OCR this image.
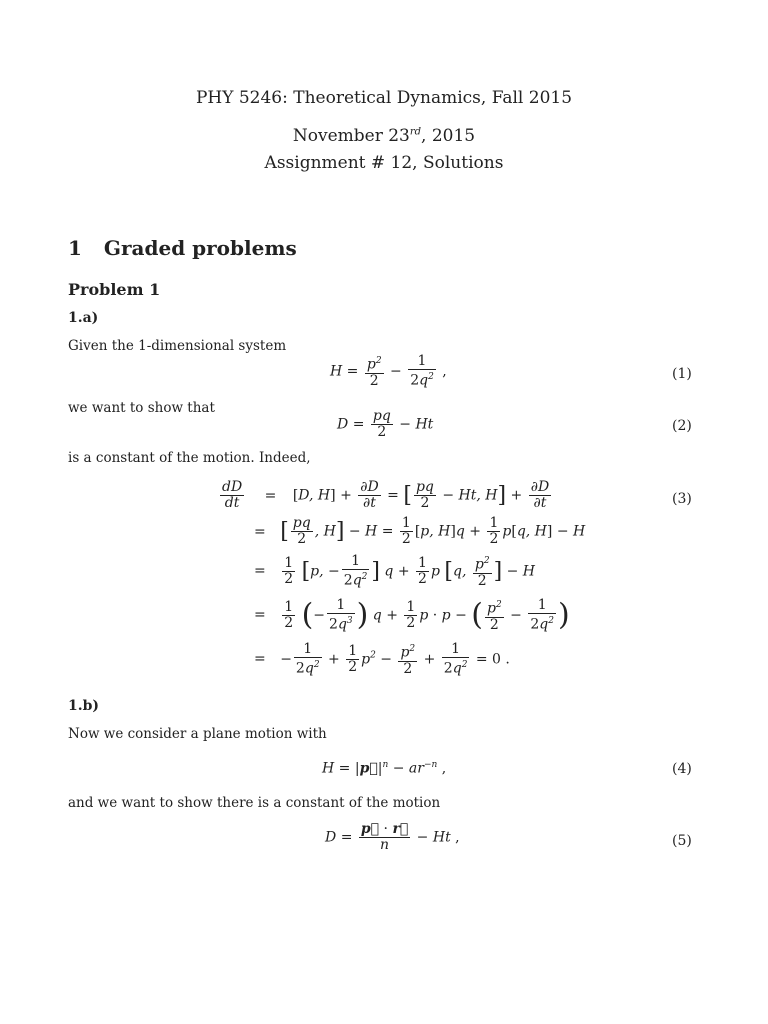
PHY 5246: Theoretical Dynamics, Fall 2015
November 23rd, 2015
Assignment # 12, Solutions
1 Graded problems
Problem 1
1.a)
Given the 1-dimensional system
$H = \frac{p^2}{2} - \frac{1}{2q^2}$ ,	(1)
we want to show that
$D = \frac{pq}{2} - Ht$	(2)
is a constant of the motion. Indeed,
$\frac{dD}{dt} = [D$, $H] + \frac{\partial D}{\partial t}$ = [ $\frac{pq}{2} - Ht$, $H] + \frac{\partial D}{\partial t}$	(3)
= [ $\frac{pq}{2}$ , $H] - H = \frac{1}{2} [p$, $H]q + \frac{1}{2} p[q$, H] − H
= $\frac{1}{2} [p$, − $\frac{1}{2q^2}$ ] $q + \frac{1}{2}$ p [q, $\frac{p^2}{2}$ ] − H
= $\frac{1}{2}$ (− $\frac{1}{2q^3}$ ) $q + \frac{1}{2}$ p · p − ( $\frac{p^2}{2} - \frac{1}{2q^2}$ )
= − $\frac{1}{2q^2} + \frac{1}{2} p^2 - \frac{p^2}{2} + \frac{1}{2q^2} = 0$ .
1.b)
Now we consider a plane motion with
$H = |p⃗|^n - ar^{-n}$ ,	(4)
and we want to show there is a constant of the motion
$D = \frac{p⃗ \cdot r⃗}{n} - Ht$ ,	(5)
